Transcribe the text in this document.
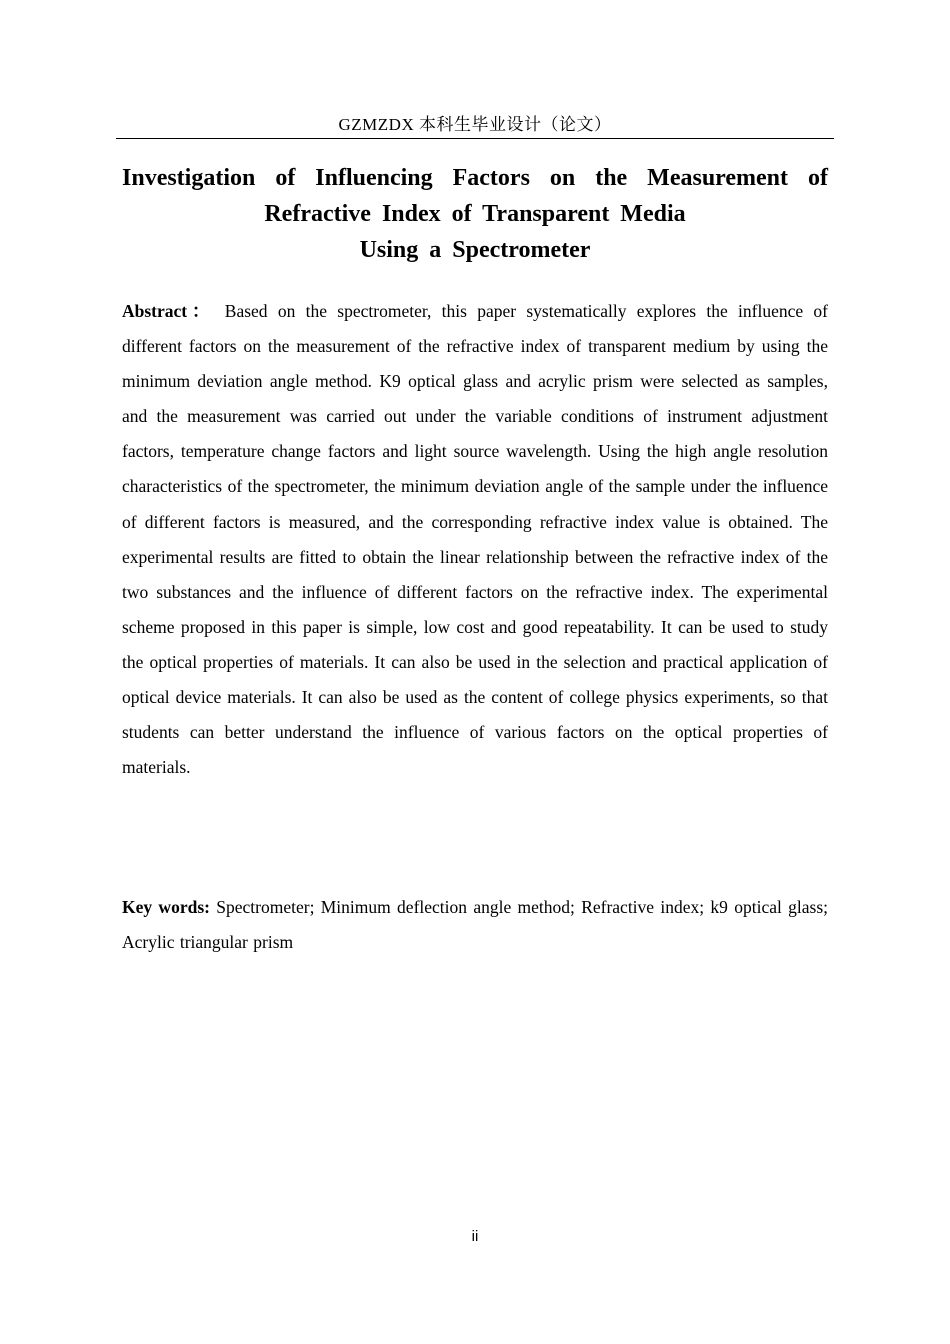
GZMZDX 本科生毕业设计（论文）
Investigation of Influencing Factors on the Measurement of
Refractive Index of Transparent Media
Using a Spectrometer
Abstract： Based on the spectrometer, this paper systematically explores the influence of different factors on the measurement of the refractive index of transparent medium by using the minimum deviation angle method. K9 optical glass and acrylic prism were selected as samples, and the measurement was carried out under the variable conditions of instrument adjustment factors, temperature change factors and light source wavelength. Using the high angle resolution characteristics of the spectrometer, the minimum deviation angle of the sample under the influence of different factors is measured, and the corresponding refractive index value is obtained. The experimental results are fitted to obtain the linear relationship between the refractive index of the two substances and the influence of different factors on the refractive index. The experimental scheme proposed in this paper is simple, low cost and good repeatability. It can be used to study the optical properties of materials. It can also be used in the selection and practical application of optical device materials. It can also be used as the content of college physics experiments, so that students can better understand the influence of various factors on the optical properties of materials.
Key words: Spectrometer; Minimum deflection angle method; Refractive index; k9 optical glass; Acrylic triangular prism
ii
